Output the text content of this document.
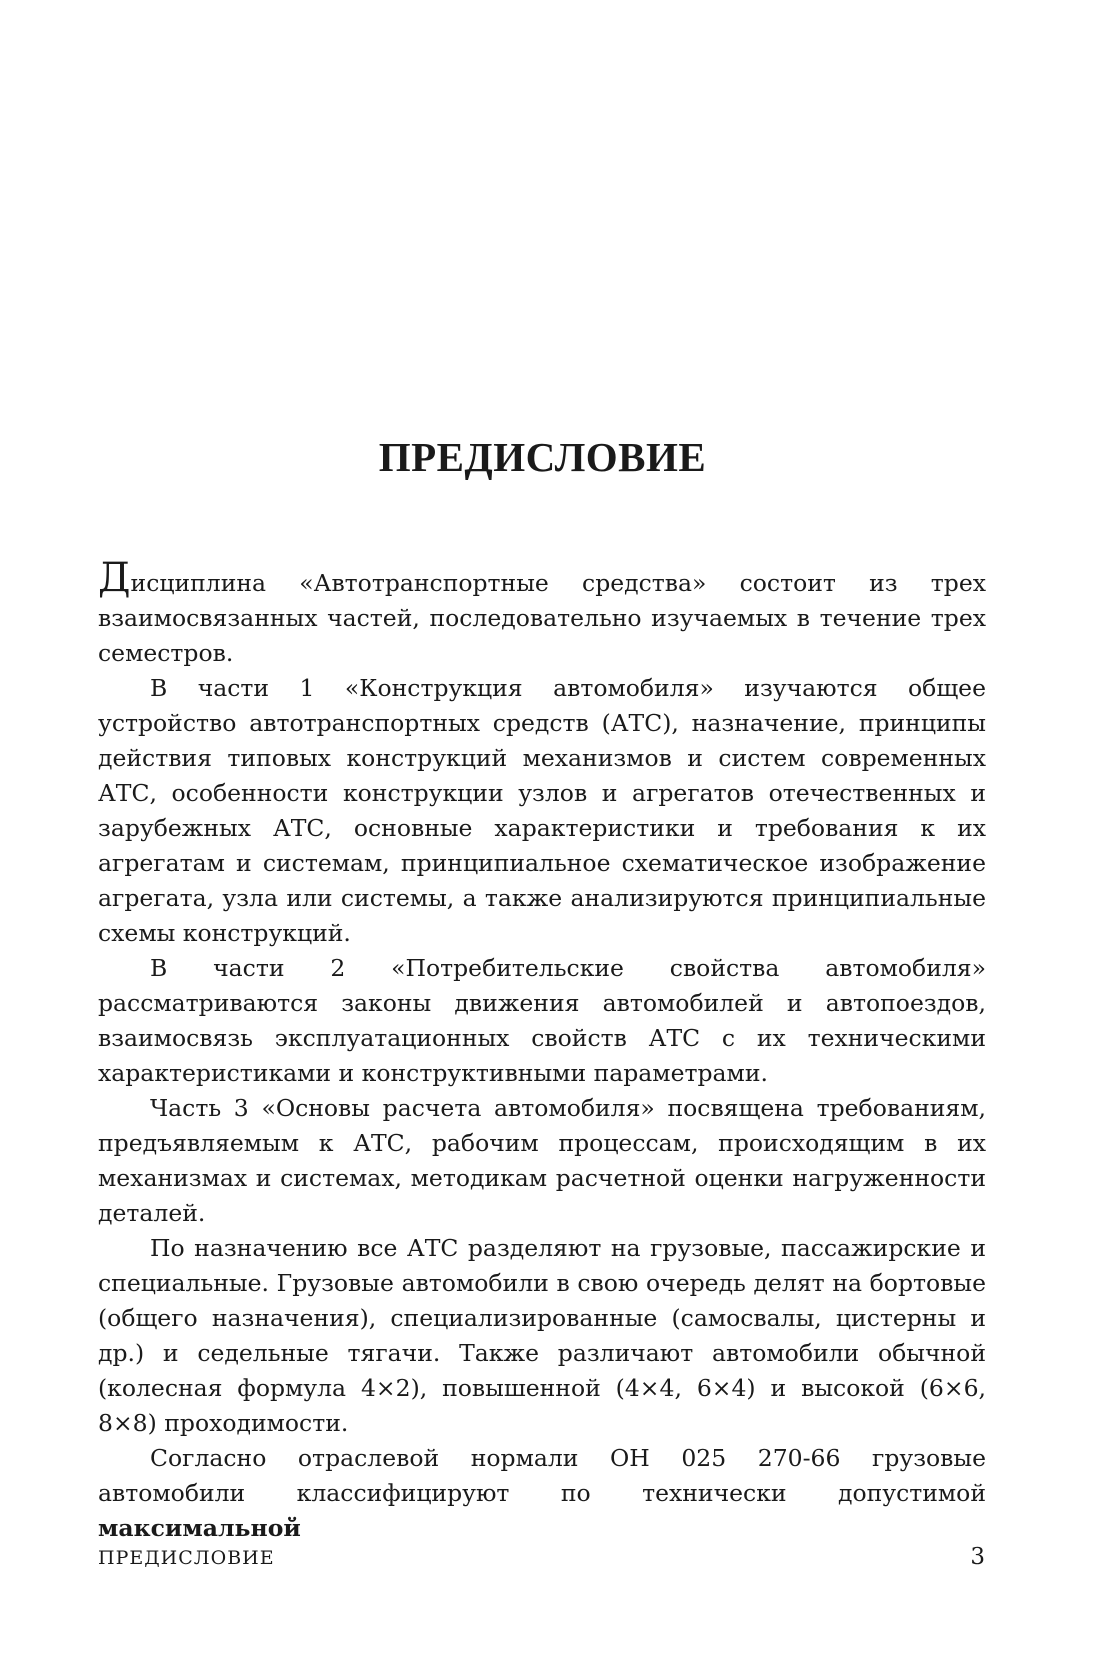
ПРЕДИСЛОВИЕ

Дисциплина «Автотранспортные средства» состоит из трех взаимосвязанных частей, последовательно изучаемых в течение трех семестров.

В части 1 «Конструкция автомобиля» изучаются общее устройство автотранспортных средств (АТС), назначение, принципы действия типовых конструкций механизмов и систем современных АТС, особенности конструкции узлов и агрегатов отечественных и зарубежных АТС, основные характеристики и требования к их агрегатам и системам, принципиальное схематическое изображение агрегата, узла или системы, а также анализируются принципиальные схемы конструкций.

В части 2 «Потребительские свойства автомобиля» рассматриваются законы движения автомобилей и автопоездов, взаимосвязь эксплуатационных свойств АТС с их техническими характеристиками и конструктивными параметрами.

Часть 3 «Основы расчета автомобиля» посвящена требованиям, предъявляемым к АТС, рабочим процессам, происходящим в их механизмах и системах, методикам расчетной оценки нагруженности деталей.

По назначению все АТС разделяют на грузовые, пассажирские и специальные. Грузовые автомобили в свою очередь делят на бортовые (общего назначения), специализированные (самосвалы, цистерны и др.) и седельные тягачи. Также различают автомобили обычной (колесная формула 4×2), повышенной (4×4, 6×4) и высокой (6×6, 8×8) проходимости.

Согласно отраслевой нормали ОН 025 270-66 грузовые автомобили классифицируют по технически допустимой максимальной

ПРЕДИСЛОВИЕ	3
